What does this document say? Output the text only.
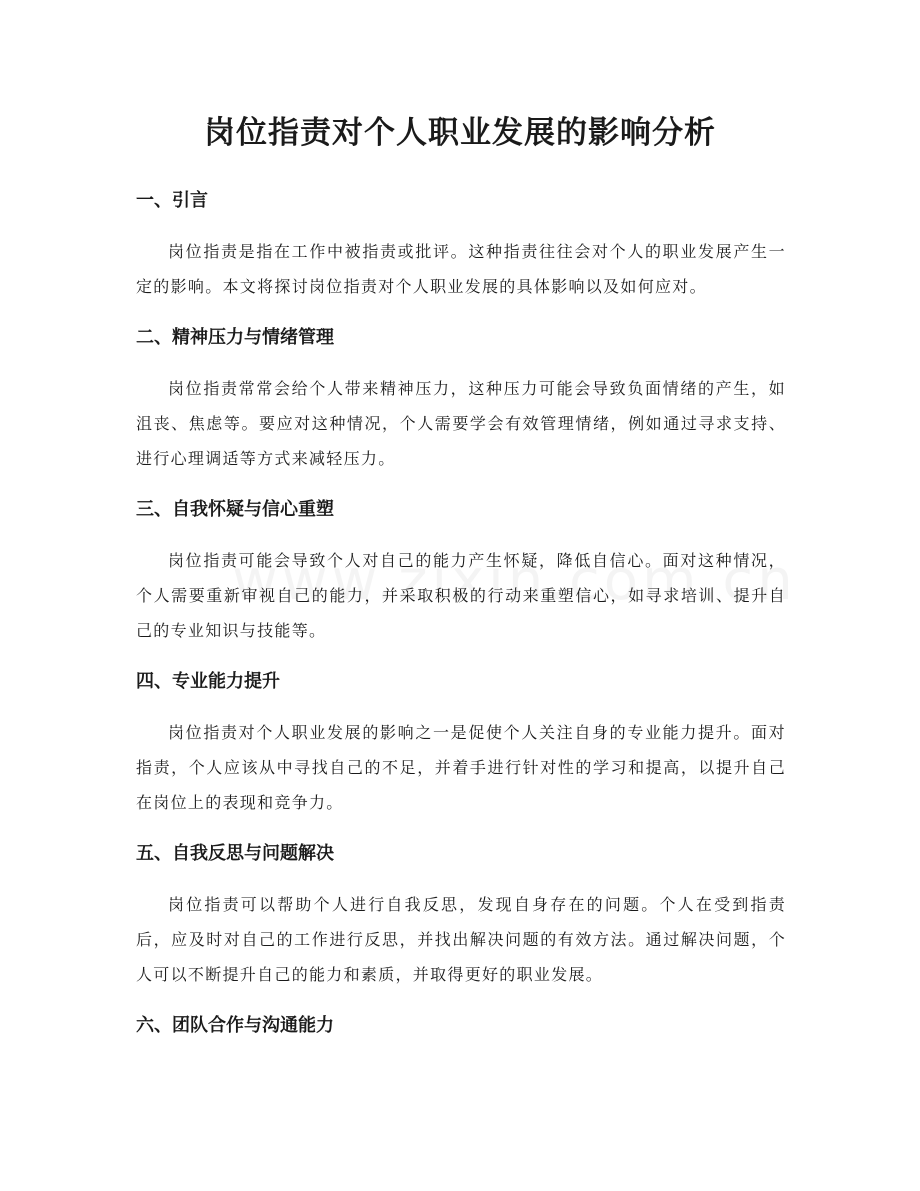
岗位指责对个人职业发展的影响分析
一、引言

岗位指责是指在工作中被指责或批评。这种指责往往会对个人的职业发展产生一定的影响。本文将探讨岗位指责对个人职业发展的具体影响以及如何应对。

二、精神压力与情绪管理

岗位指责常常会给个人带来精神压力，这种压力可能会导致负面情绪的产生，如沮丧、焦虑等。要应对这种情况，个人需要学会有效管理情绪，例如通过寻求支持、进行心理调适等方式来减轻压力。

三、自我怀疑与信心重塑

岗位指责可能会导致个人对自己的能力产生怀疑，降低自信心。面对这种情况，个人需要重新审视自己的能力，并采取积极的行动来重塑信心，如寻求培训、提升自己的专业知识与技能等。

四、专业能力提升

岗位指责对个人职业发展的影响之一是促使个人关注自身的专业能力提升。面对指责，个人应该从中寻找自己的不足，并着手进行针对性的学习和提高，以提升自己在岗位上的表现和竞争力。

五、自我反思与问题解决

岗位指责可以帮助个人进行自我反思，发现自身存在的问题。个人在受到指责后，应及时对自己的工作进行反思，并找出解决问题的有效方法。通过解决问题，个人可以不断提升自己的能力和素质，并取得更好的职业发展。

六、团队合作与沟通能力
